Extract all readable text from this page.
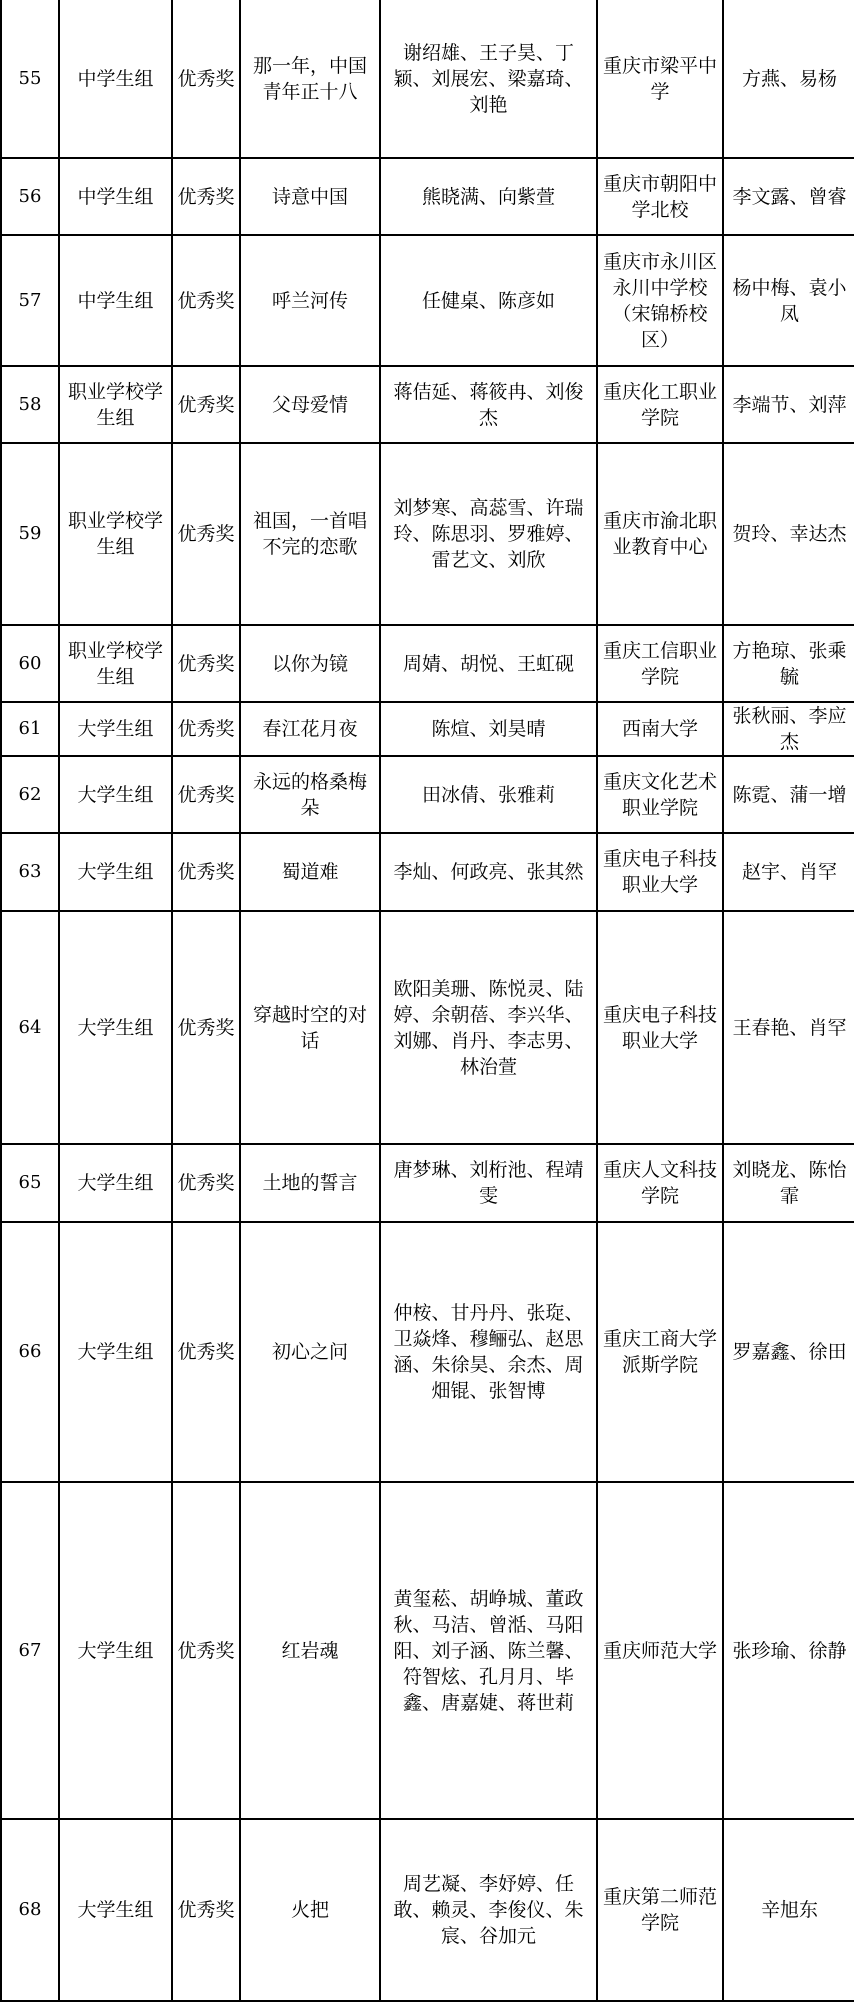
55	中学生组	优秀奖	那一年，中国青年正十八	谢绍雄、王子昊、丁颖、刘展宏、梁嘉琦、刘艳	重庆市梁平中学	方燕、易杨
56	中学生组	优秀奖	诗意中国	熊晓满、向紫萱	重庆市朝阳中学北校	李文露、曾睿
57	中学生组	优秀奖	呼兰河传	任健桌、陈彦如	重庆市永川区永川中学校（宋锦桥校区）	杨中梅、袁小凤
58	职业学校学生组	优秀奖	父母爱情	蒋佶延、蒋筱冉、刘俊杰	重庆化工职业学院	李端节、刘萍
59	职业学校学生组	优秀奖	祖国，一首唱不完的恋歌	刘梦寒、高蕊雪、许瑞玲、陈思羽、罗雅婷、雷艺文、刘欣	重庆市渝北职业教育中心	贺玲、幸达杰
60	职业学校学生组	优秀奖	以你为镜	周婧、胡悦、王虹砚	重庆工信职业学院	方艳琼、张乘毓
61	大学生组	优秀奖	春江花月夜	陈煊、刘昊晴	西南大学	张秋丽、李应杰
62	大学生组	优秀奖	永远的格桑梅朵	田冰倩、张雅莉	重庆文化艺术职业学院	陈霓、蒲一增
63	大学生组	优秀奖	蜀道难	李灿、何政亮、张其然	重庆电子科技职业大学	赵宇、肖罕
64	大学生组	优秀奖	穿越时空的对话	欧阳美珊、陈悦灵、陆婷、余朝蓓、李兴华、刘娜、肖丹、李志男、林治萱	重庆电子科技职业大学	王春艳、肖罕
65	大学生组	优秀奖	土地的誓言	唐梦琳、刘桁池、程靖雯	重庆人文科技学院	刘晓龙、陈怡霏
66	大学生组	优秀奖	初心之问	仲桉、甘丹丹、张琁、卫焱烽、穆鲡弘、赵思涵、朱徐昊、余杰、周畑锟、张智博	重庆工商大学派斯学院	罗嘉鑫、徐田
67	大学生组	优秀奖	红岩魂	黄玺菘、胡峥城、董政秋、马洁、曾湉、马阳阳、刘子涵、陈兰馨、符智炫、孔月月、毕鑫、唐嘉婕、蒋世莉	重庆师范大学	张珍瑜、徐静
68	大学生组	优秀奖	火把	周艺凝、李妤婷、任敢、赖灵、李俊仪、朱宸、谷加元	重庆第二师范学院	辛旭东
